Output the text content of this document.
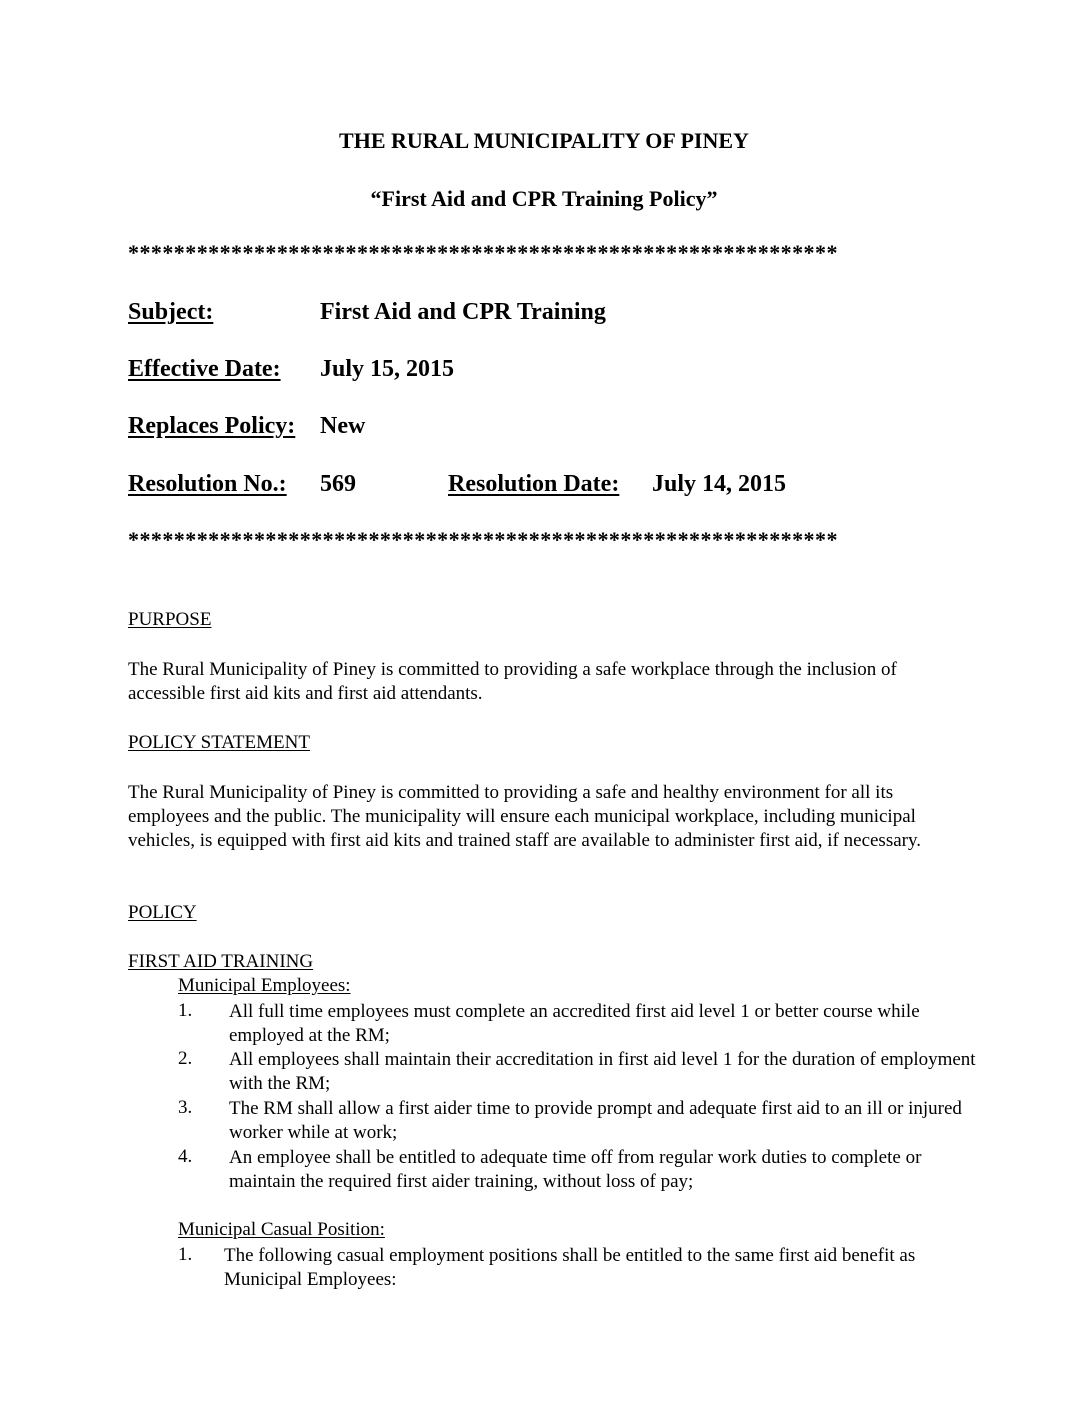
THE RURAL MUNICIPALITY OF PINEY
“First Aid and CPR Training Policy”
**************************************************************
Subject:	First Aid and CPR Training
Effective Date: July 15, 2015
Replaces Policy: New
Resolution No.: 569	Resolution Date: July 14, 2015
**************************************************************
PURPOSE
The Rural Municipality of Piney is committed to providing a safe workplace through the inclusion of accessible first aid kits and first aid attendants.
POLICY STATEMENT
The Rural Municipality of Piney is committed to providing a safe and healthy environment for all its employees and the public. The municipality will ensure each municipal workplace, including municipal vehicles, is equipped with first aid kits and trained staff are available to administer first aid, if necessary.
POLICY
FIRST AID TRAINING
Municipal Employees:
1. All full time employees must complete an accredited first aid level 1 or better course while employed at the RM;
2. All employees shall maintain their accreditation in first aid level 1 for the duration of employment with the RM;
3. The RM shall allow a first aider time to provide prompt and adequate first aid to an ill or injured worker while at work;
4. An employee shall be entitled to adequate time off from regular work duties to complete or maintain the required first aider training, without loss of pay;
Municipal Casual Position:
1. The following casual employment positions shall be entitled to the same first aid benefit as Municipal Employees:
